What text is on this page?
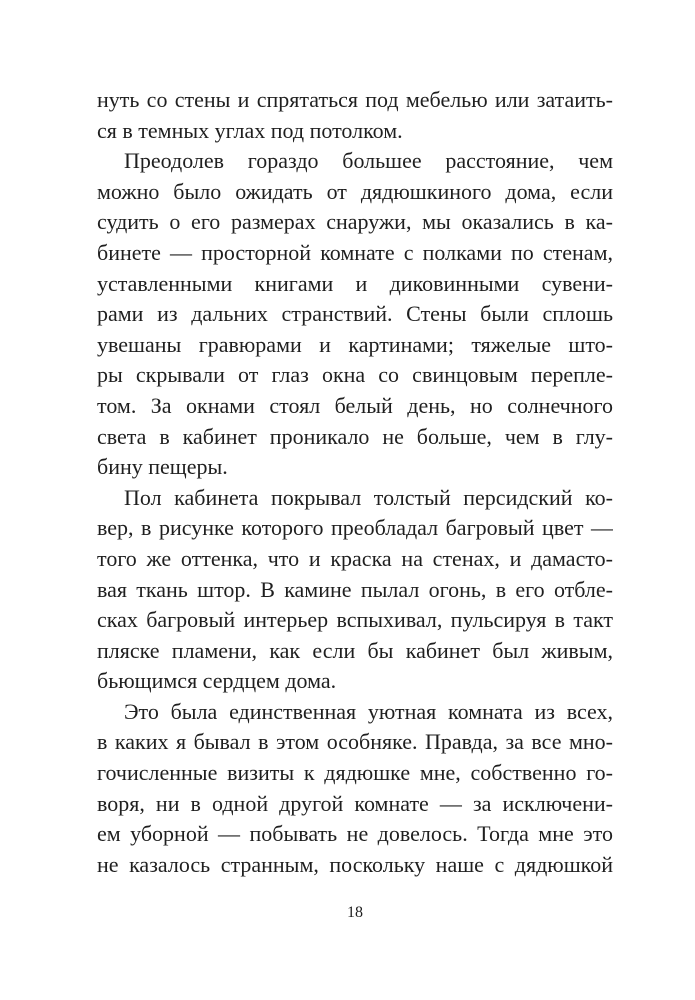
нуть со стены и спрятаться под мебелью или затаить-
ся в темных углах под потолком.
Преодолев гораздо большее расстояние, чем
можно было ожидать от дядюшкиного дома, если
судить о его размерах снаружи, мы оказались в ка-
бинете — просторной комнате с полками по стенам,
уставленными книгами и диковинными сувени-
рами из дальних странствий. Стены были сплошь
увешаны гравюрами и картинами; тяжелые што-
ры скрывали от глаз окна со свинцовым перепле-
том. За окнами стоял белый день, но солнечного
света в кабинет проникало не больше, чем в глу-
бину пещеры.
Пол кабинета покрывал толстый персидский ко-
вер, в рисунке которого преобладал багровый цвет —
того же оттенка, что и краска на стенах, и дамасто-
вая ткань штор. В камине пылал огонь, в его отбле-
сках багровый интерьер вспыхивал, пульсируя в такт
пляске пламени, как если бы кабинет был живым,
бьющимся сердцем дома.
Это была единственная уютная комната из всех,
в каких я бывал в этом особняке. Правда, за все мно-
гочисленные визиты к дядюшке мне, собственно го-
воря, ни в одной другой комнате — за исключени-
ем уборной — побывать не довелось. Тогда мне это
не казалось странным, поскольку наше с дядюшкой
18
